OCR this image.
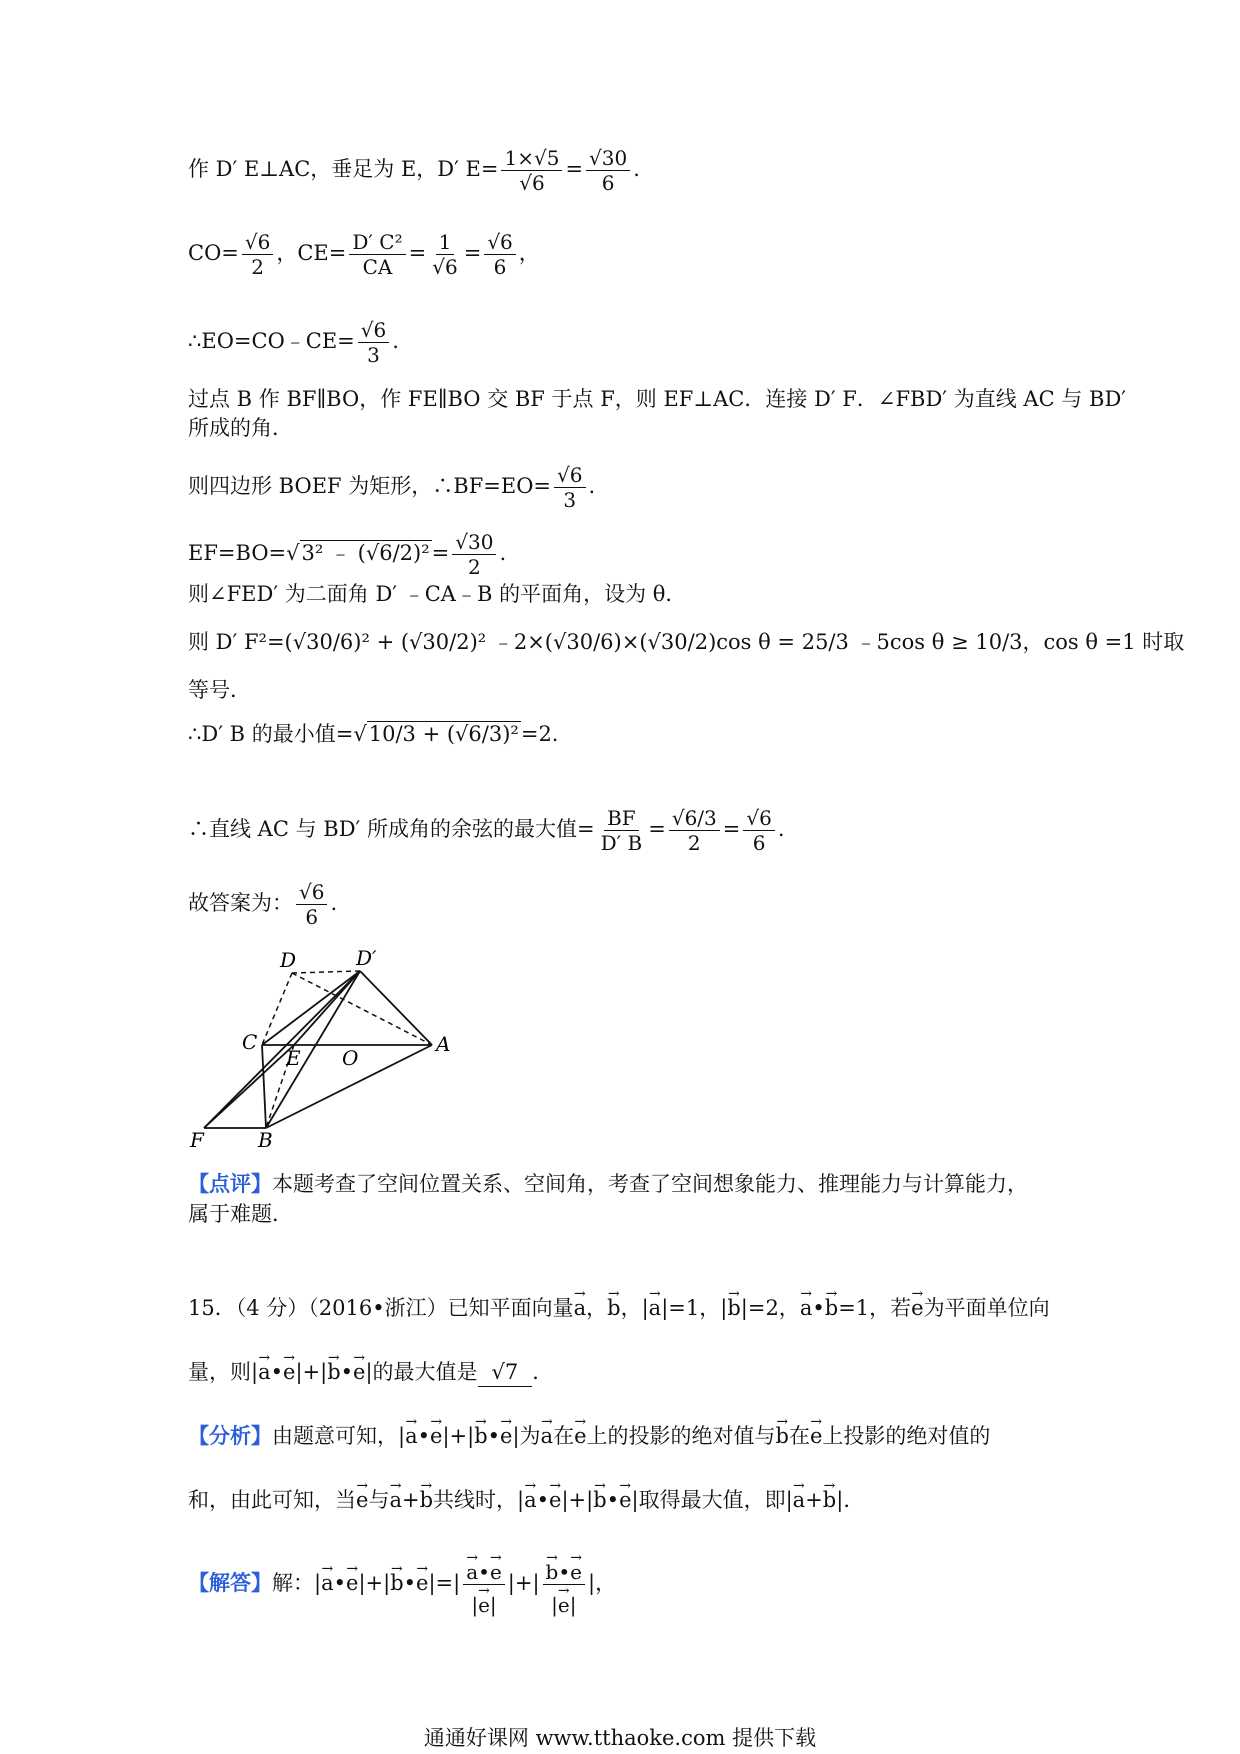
作 D′ E⊥AC，垂足为 E，D′ $E= \frac{1\times√5}{√6} = \frac{√30}{6}$ .
$CO= \frac{√6}{2}$ ，$CE= \frac{\text{D′ C²}}{CA} = \frac{1}{√6} = \frac{√6}{6}$ ，
∴EO=CO﹣CE= $\frac{√6}{3}$ .
过点 B 作 BF∥BO，作 FE∥BO 交 BF 于点 F，则 EF⊥AC．连接 D′ F．∠FBD′ 为直线 AC 与 BD′
所成的角．
则四边形 BOEF 为矩形，∴BF=EO= $\frac{√6}{3}$ .
EF=BO=√3² ﹣ $(√6/2)^2= \frac{√30}{2}$ .
则∠FED′ 为二面角 D′ ﹣CA﹣B 的平面角，设为 θ．
则 D′ F²=(√30/6)² + (√30/2)² ﹣2×(√30/6)×(√30/2)cos θ = 25/3 ﹣5cos θ ≥ 10/3，cos θ =1 时取
等号．
∴D′ B 的最小值=√10/3 + (√6/3)²=2.
∴直线 AC 与 BD′ 所成角的余弦的最大值= $\frac{BF}{D' B} = \frac{√6/3}{2} = \frac{√6}{6}$ .
故答案为： $\frac{√6}{6}$ .
D	D′
C
E O
A
F	B
【点评】本题考查了空间位置关系、空间角，考查了空间想象能力、推理能力与计算能力，
属于难题．
15．（4 分）（2016•浙江）已知平面向量→ a，→ b，|→ a|=1，|→ b|=2，→ a•→ b=1，若→ e为平面单位向
量，则|→ a•→ e|+|→ b•→ e|的最大值是 √7 ．
【分析】由题意可知，|→ a•→ e|+|→ b•→ e|为→ a在→ e上的投影的绝对值与→ b在→ e上投影的绝对值的
和，由此可知，当→ e与→ a+→ b共线时，|→ a•→ e|+|→ b•→ e|取得最大值，即|→ a+→ b|．
【解答】解：|→ a•→ e|+|→ b•→ e|=|
→ $\frac{a•\to e}{|\to e|}$ |+|
→ $\frac{b•\to e}{|\to e|}$ |，
通通好课网 www.tthaoke.com 提供下载
